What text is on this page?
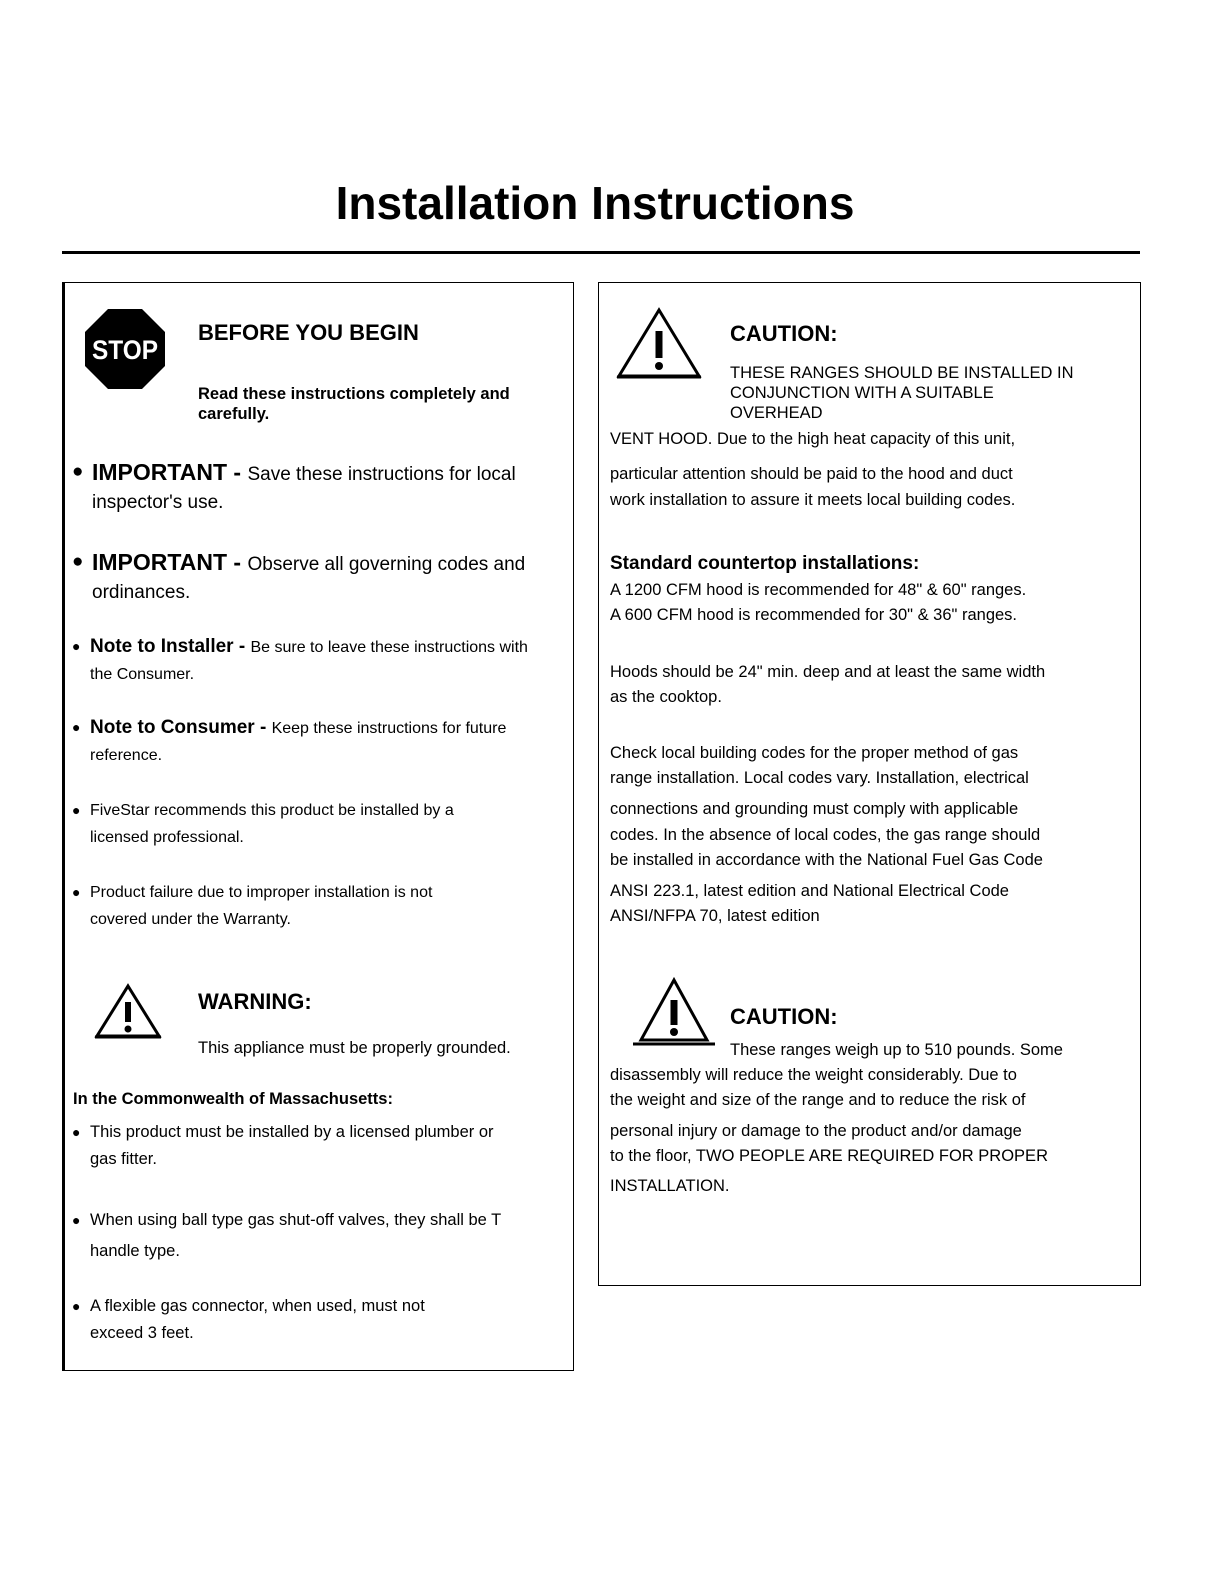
Installation Instructions
STOP
BEFORE YOU BEGIN
Read these instructions completely and carefully.
● IMPORTANT - Save these instructions for local inspector's use.
● IMPORTANT - Observe all governing codes and ordinances.
● Note to Installer - Be sure to leave these instructions with the Consumer.
● Note to Consumer - Keep these instructions for future reference.
● FiveStar recommends this product be installed by a licensed professional.
● Product failure due to improper installation is not covered under the Warranty.
WARNING:
This appliance must be properly grounded.
In the Commonwealth of Massachusetts:
● This product must be installed by a licensed plumber or gas fitter.
● When using ball type gas shut-off valves, they shall be T handle type.
● A flexible gas connector, when used, must not exceed 3 feet.
CAUTION:
THESE RANGES SHOULD BE INSTALLED IN
CONJUNCTION WITH A SUITABLE
OVERHEAD
VENT HOOD. Due to the high heat capacity of this unit,
particular attention should be paid to the hood and duct
work installation to assure it meets local building codes.
Standard countertop installations:
A 1200 CFM hood is recommended for 48" & 60" ranges.
A 600 CFM hood is recommended for 30" & 36" ranges.
Hoods should be 24" min. deep and at least the same width
as the cooktop.
Check local building codes for the proper method of gas
range installation. Local codes vary. Installation, electrical
connections and grounding must comply with applicable
codes. In the absence of local codes, the gas range should
be installed in accordance with the National Fuel Gas Code
ANSI 223.1, latest edition and National Electrical Code
ANSI/NFPA 70, latest edition
CAUTION:
These ranges weigh up to 510 pounds. Some
disassembly will reduce the weight considerably. Due to
the weight and size of the range and to reduce the risk of
personal injury or damage to the product and/or damage
to the floor, TWO PEOPLE ARE REQUIRED FOR PROPER
INSTALLATION.
